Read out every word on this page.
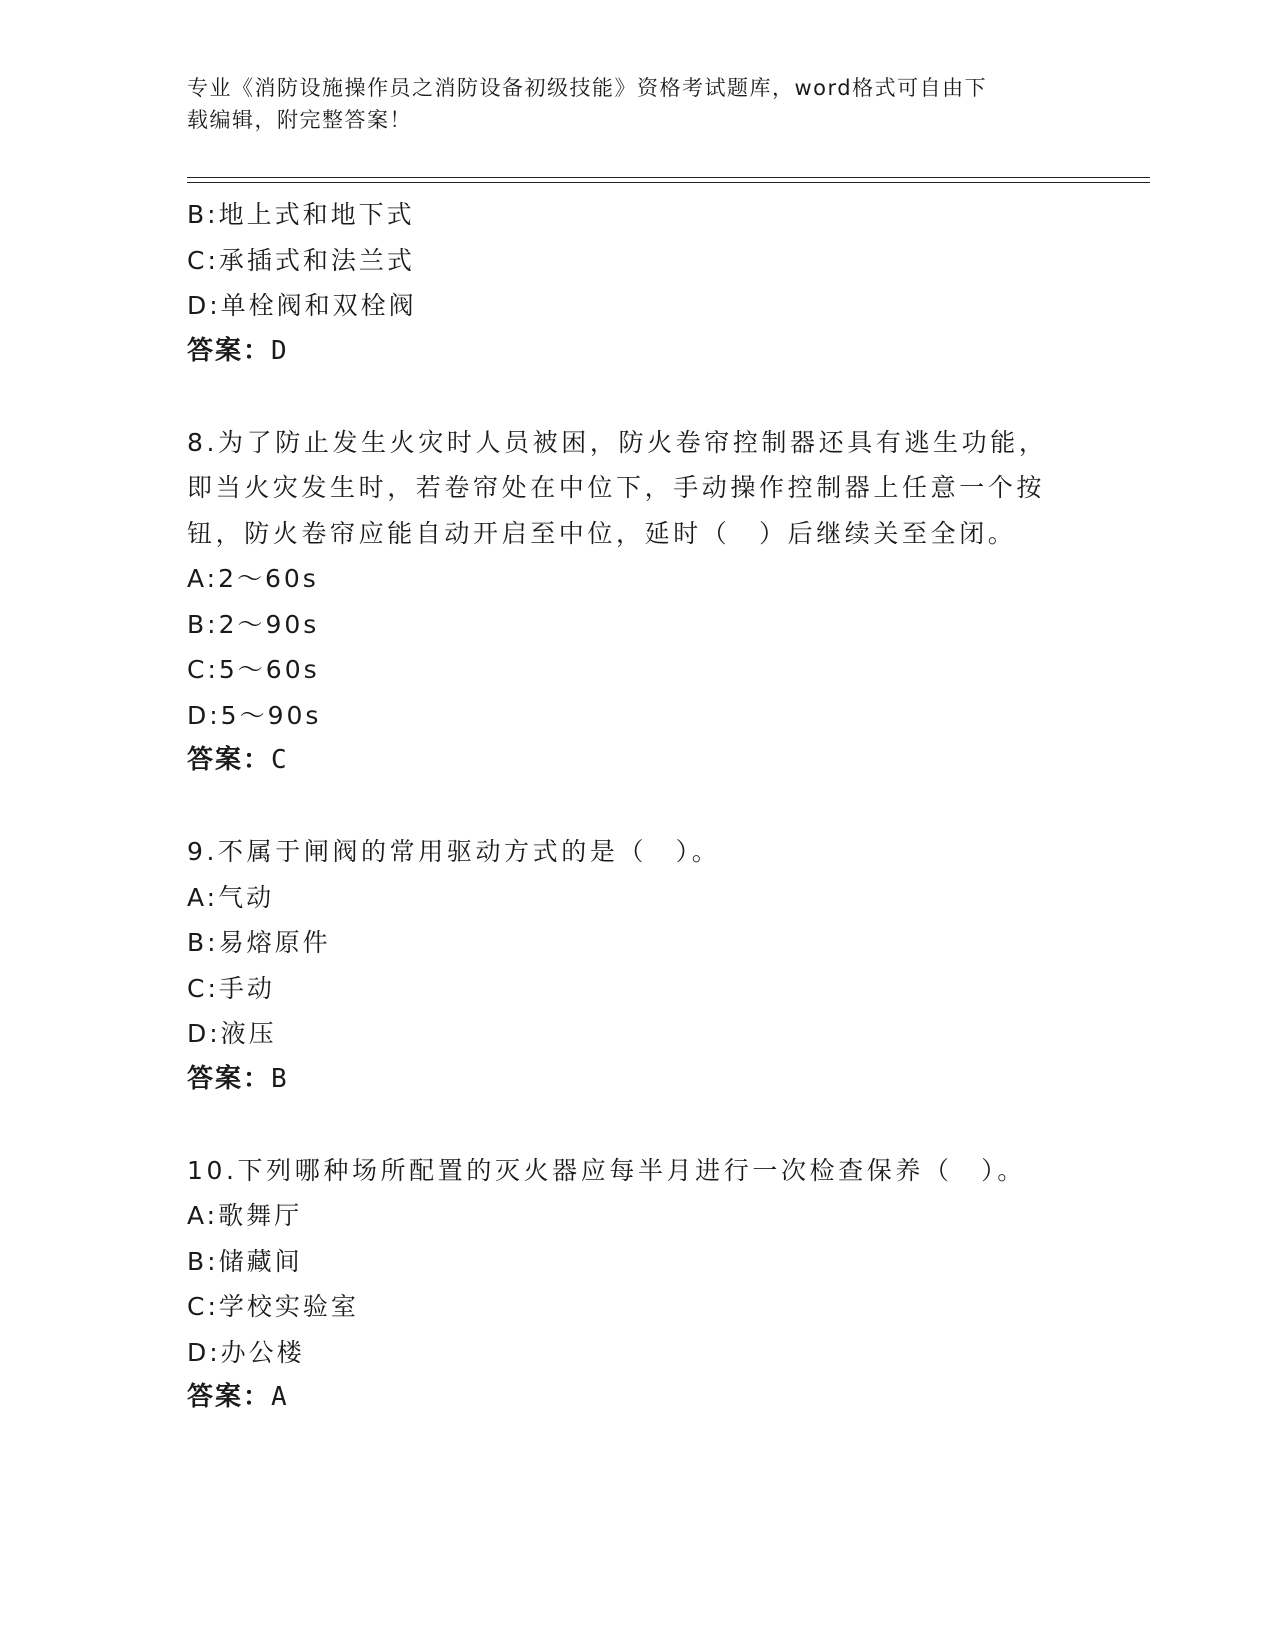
专业《消防设施操作员之消防设备初级技能》资格考试题库，word格式可自由下
载编辑，附完整答案！
B:地上式和地下式
C:承插式和法兰式
D:单栓阀和双栓阀
答案：D
8.为了防止发生火灾时人员被困，防火卷帘控制器还具有逃生功能，
即当火灾发生时，若卷帘处在中位下，手动操作控制器上任意一个按
钮，防火卷帘应能自动开启至中位，延时（　）后继续关至全闭。
A:2～60s
B:2～90s
C:5～60s
D:5～90s
答案：C
9.不属于闸阀的常用驱动方式的是（　）。
A:气动
B:易熔原件
C:手动
D:液压
答案：B
10.下列哪种场所配置的灭火器应每半月进行一次检查保养（　）。
A:歌舞厅
B:储藏间
C:学校实验室
D:办公楼
答案：A
